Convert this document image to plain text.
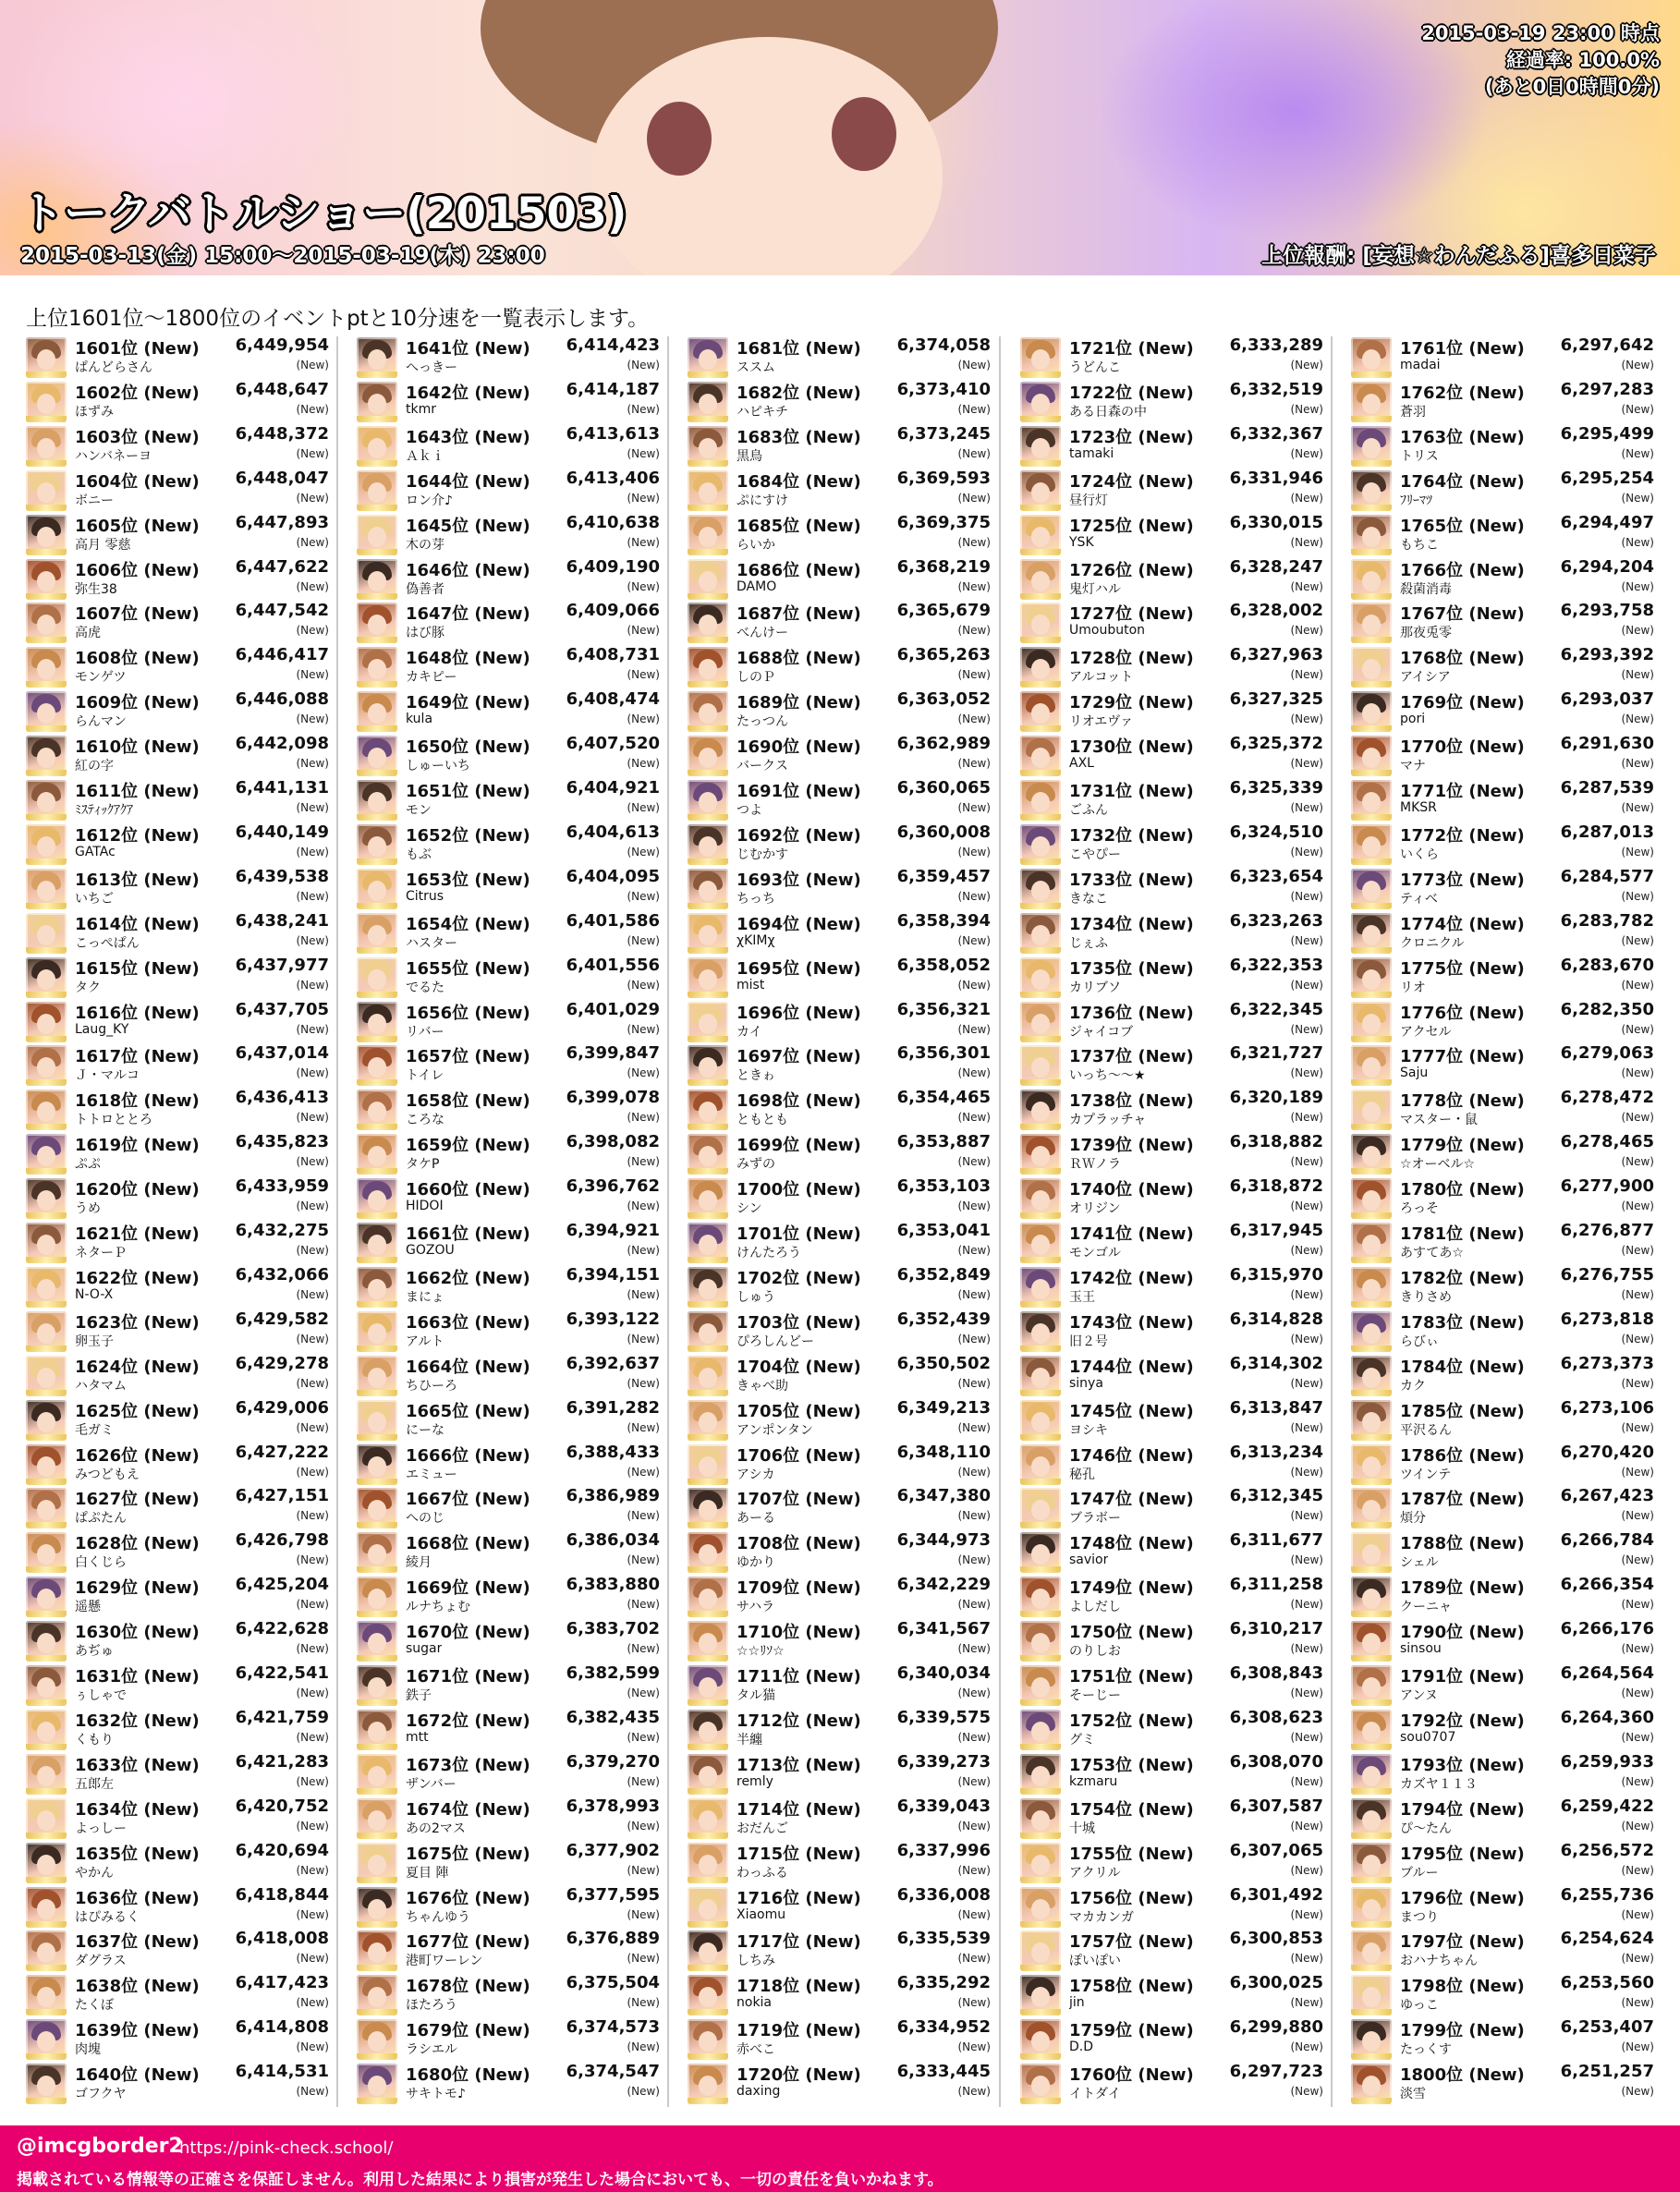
トークバトルショー(201503)
2015-03-13(金) 15:00～2015-03-19(木) 23:00	上位報酬: [妄想☆わんだふる]喜多日菜子
2015-03-19 23:00 時点
経過率: 100.0%
(あと0日0時間0分)
上位1601位～1800位のイベントptと10分速を一覧表示します。
1601位 (New) 6,449,954
ぱんどらさん	(New)
1602位 (New) 6,448,647
ほずみ	(New)
1603位 (New) 6,448,372
ハンバネーヨ	(New)
1604位 (New) 6,448,047
ボニー	(New)
1605位 (New) 6,447,893
高月 零慈	(New)
1606位 (New) 6,447,622
弥生38	(New)
1607位 (New) 6,447,542
高虎	(New)
1608位 (New) 6,446,417
モンゲツ	(New)
1609位 (New) 6,446,088
らんマン	(New)
1610位 (New) 6,442,098
紅の字	(New)
1611位 (New) 6,441,131
ﾐｽﾃｨｯｸｱｸｱ	(New)
1612位 (New) 6,440,149
GATAc	(New)
1613位 (New) 6,439,538
いちご	(New)
1614位 (New) 6,438,241
こっぺぱん	(New)
1615位 (New) 6,437,977
タク	(New)
1616位 (New) 6,437,705
Laug_KY	(New)
1617位 (New) 6,437,014
Ｊ・マルコ	(New)
1618位 (New) 6,436,413
トトロととろ	(New)
1619位 (New) 6,435,823
ぷぷ	(New)
1620位 (New) 6,433,959
うめ	(New)
1621位 (New) 6,432,275
ネターＰ	(New)
1622位 (New) 6,432,066
N-O-X	(New)
1623位 (New) 6,429,582
卵玉子	(New)
1624位 (New) 6,429,278
ハタマム	(New)
1625位 (New) 6,429,006
毛ガミ	(New)
1626位 (New) 6,427,222
みつどもえ	(New)
1627位 (New) 6,427,151
ぱぷたん	(New)
1628位 (New) 6,426,798
白くじら	(New)
1629位 (New) 6,425,204
遥懸	(New)
1630位 (New) 6,422,628
あぢゅ	(New)
1631位 (New) 6,422,541
ぅしゃで	(New)
1632位 (New) 6,421,759
くもり	(New)
1633位 (New) 6,421,283
五郎左	(New)
1634位 (New) 6,420,752
よっしー	(New)
1635位 (New) 6,420,694
やかん	(New)
1636位 (New) 6,418,844
はぴみるく	(New)
1637位 (New) 6,418,008
ダグラス	(New)
1638位 (New) 6,417,423
たくぼ	(New)
1639位 (New) 6,414,808
肉塊	(New)
1640位 (New) 6,414,531
ゴフクヤ	(New)
1641位 (New) 6,414,423
へっきー	(New)
1642位 (New) 6,414,187
tkmr	(New)
1643位 (New) 6,413,613
Ａｋｉ	(New)
1644位 (New) 6,413,406
ロン介♪	(New)
1645位 (New) 6,410,638
木の芽	(New)
1646位 (New) 6,409,190
偽善者	(New)
1647位 (New) 6,409,066
はび豚	(New)
1648位 (New) 6,408,731
カキピー	(New)
1649位 (New) 6,408,474
kula	(New)
1650位 (New) 6,407,520
しゅーいち	(New)
1651位 (New) 6,404,921
モン	(New)
1652位 (New) 6,404,613
もぶ	(New)
1653位 (New) 6,404,095
Citrus	(New)
1654位 (New) 6,401,586
ハスター	(New)
1655位 (New) 6,401,556
でるた	(New)
1656位 (New) 6,401,029
リバー	(New)
1657位 (New) 6,399,847
トイレ	(New)
1658位 (New) 6,399,078
ころな	(New)
1659位 (New) 6,398,082
タケP	(New)
1660位 (New) 6,396,762
HIDOI	(New)
1661位 (New) 6,394,921
GOZOU	(New)
1662位 (New) 6,394,151
まにょ	(New)
1663位 (New) 6,393,122
アルト	(New)
1664位 (New) 6,392,637
ちひーろ	(New)
1665位 (New) 6,391,282
にーな	(New)
1666位 (New) 6,388,433
エミュー	(New)
1667位 (New) 6,386,989
へのじ	(New)
1668位 (New) 6,386,034
綾月	(New)
1669位 (New) 6,383,880
ルナちょむ	(New)
1670位 (New) 6,383,702
sugar	(New)
1671位 (New) 6,382,599
鉄子	(New)
1672位 (New) 6,382,435
mtt	(New)
1673位 (New) 6,379,270
ザンバー	(New)
1674位 (New) 6,378,993
あの2マス	(New)
1675位 (New) 6,377,902
夏目 陣	(New)
1676位 (New) 6,377,595
ちゃんゆう	(New)
1677位 (New) 6,376,889
港町ワーレン	(New)
1678位 (New) 6,375,504
ほたろう	(New)
1679位 (New) 6,374,573
ラシエル	(New)
1680位 (New) 6,374,547
サキトモ♪	(New)
1681位 (New) 6,374,058
ススム	(New)
1682位 (New) 6,373,410
ハピキチ	(New)
1683位 (New) 6,373,245
黒鳥	(New)
1684位 (New) 6,369,593
ぷにすけ	(New)
1685位 (New) 6,369,375
らいか	(New)
1686位 (New) 6,368,219
DAMO	(New)
1687位 (New) 6,365,679
べんけー	(New)
1688位 (New) 6,365,263
しのＰ	(New)
1689位 (New) 6,363,052
たっつん	(New)
1690位 (New) 6,362,989
バークス	(New)
1691位 (New) 6,360,065
つよ	(New)
1692位 (New) 6,360,008
じむかす	(New)
1693位 (New) 6,359,457
ちっち	(New)
1694位 (New) 6,358,394
χKIMχ	(New)
1695位 (New) 6,358,052
mist	(New)
1696位 (New) 6,356,321
カイ	(New)
1697位 (New) 6,356,301
ときゎ	(New)
1698位 (New) 6,354,465
ともとも	(New)
1699位 (New) 6,353,887
みずの	(New)
1700位 (New) 6,353,103
シン	(New)
1701位 (New) 6,353,041
けんたろう	(New)
1702位 (New) 6,352,849
しゅう	(New)
1703位 (New) 6,352,439
ぴろしんどー	(New)
1704位 (New) 6,350,502
きゃべ助	(New)
1705位 (New) 6,349,213
アンポンタン	(New)
1706位 (New) 6,348,110
アシカ	(New)
1707位 (New) 6,347,380
あーる	(New)
1708位 (New) 6,344,973
ゆかり	(New)
1709位 (New) 6,342,229
サハラ	(New)
1710位 (New) 6,341,567
☆☆ﾘｿ☆	(New)
1711位 (New) 6,340,034
タル猫	(New)
1712位 (New) 6,339,575
半纏	(New)
1713位 (New) 6,339,273
remly	(New)
1714位 (New) 6,339,043
おだんご	(New)
1715位 (New) 6,337,996
わっふる	(New)
1716位 (New) 6,336,008
Xiaomu	(New)
1717位 (New) 6,335,539
しちみ	(New)
1718位 (New) 6,335,292
nokia	(New)
1719位 (New) 6,334,952
赤べこ	(New)
1720位 (New) 6,333,445
daxing	(New)
1721位 (New) 6,333,289
うどんこ	(New)
1722位 (New) 6,332,519
ある日森の中	(New)
1723位 (New) 6,332,367
tamaki	(New)
1724位 (New) 6,331,946
昼行灯	(New)
1725位 (New) 6,330,015
YSK	(New)
1726位 (New) 6,328,247
鬼灯ハル	(New)
1727位 (New) 6,328,002
Umoubuton	(New)
1728位 (New) 6,327,963
アルコット	(New)
1729位 (New) 6,327,325
リオエヴァ	(New)
1730位 (New) 6,325,372
AXL	(New)
1731位 (New) 6,325,339
ごふん	(New)
1732位 (New) 6,324,510
こやぴー	(New)
1733位 (New) 6,323,654
きなこ	(New)
1734位 (New) 6,323,263
じぇふ	(New)
1735位 (New) 6,322,353
カリブソ	(New)
1736位 (New) 6,322,345
ジャイコブ	(New)
1737位 (New) 6,321,727
いっち〜〜★	(New)
1738位 (New) 6,320,189
カプラッチャ	(New)
1739位 (New) 6,318,882
ＲＷノラ	(New)
1740位 (New) 6,318,872
オリジン	(New)
1741位 (New) 6,317,945
モンゴル	(New)
1742位 (New) 6,315,970
玉王	(New)
1743位 (New) 6,314,828
旧２号	(New)
1744位 (New) 6,314,302
sinya	(New)
1745位 (New) 6,313,847
ヨシキ	(New)
1746位 (New) 6,313,234
秘孔	(New)
1747位 (New) 6,312,345
ブラボー	(New)
1748位 (New) 6,311,677
savior	(New)
1749位 (New) 6,311,258
よしだし	(New)
1750位 (New) 6,310,217
のりしお	(New)
1751位 (New) 6,308,843
そーじー	(New)
1752位 (New) 6,308,623
グミ	(New)
1753位 (New) 6,308,070
kzmaru	(New)
1754位 (New) 6,307,587
十城	(New)
1755位 (New) 6,307,065
アクリル	(New)
1756位 (New) 6,301,492
マカカンガ	(New)
1757位 (New) 6,300,853
ぽいぽい	(New)
1758位 (New) 6,300,025
jin	(New)
1759位 (New) 6,299,880
D.D	(New)
1760位 (New) 6,297,723
イトダイ	(New)
1761位 (New) 6,297,642
madai	(New)
1762位 (New) 6,297,283
蒼羽	(New)
1763位 (New) 6,295,499
トリス	(New)
1764位 (New) 6,295,254
ﾌﾘｰﾏﾂ	(New)
1765位 (New) 6,294,497
もちこ	(New)
1766位 (New) 6,294,204
殺菌消毒	(New)
1767位 (New) 6,293,758
那夜兎零	(New)
1768位 (New) 6,293,392
アイシア	(New)
1769位 (New) 6,293,037
pori	(New)
1770位 (New) 6,291,630
マナ	(New)
1771位 (New) 6,287,539
MKSR	(New)
1772位 (New) 6,287,013
いくら	(New)
1773位 (New) 6,284,577
ティベ	(New)
1774位 (New) 6,283,782
クロニクル	(New)
1775位 (New) 6,283,670
リオ	(New)
1776位 (New) 6,282,350
アクセル	(New)
1777位 (New) 6,279,063
Saju	(New)
1778位 (New) 6,278,472
マスター・鼠	(New)
1779位 (New) 6,278,465
☆オーベル☆	(New)
1780位 (New) 6,277,900
ろっそ	(New)
1781位 (New) 6,276,877
あすてあ☆	(New)
1782位 (New) 6,276,755
きりさめ	(New)
1783位 (New) 6,273,818
らびぃ	(New)
1784位 (New) 6,273,373
カク	(New)
1785位 (New) 6,273,106
平沢るん	(New)
1786位 (New) 6,270,420
ツインテ	(New)
1787位 (New) 6,267,423
煩分	(New)
1788位 (New) 6,266,784
シェル	(New)
1789位 (New) 6,266,354
クーニャ	(New)
1790位 (New) 6,266,176
sinsou	(New)
1791位 (New) 6,264,564
アンヌ	(New)
1792位 (New) 6,264,360
sou0707	(New)
1793位 (New) 6,259,933
カズヤ１１３	(New)
1794位 (New) 6,259,422
ぴ〜たん	(New)
1795位 (New) 6,256,572
ブルー	(New)
1796位 (New) 6,255,736
まつり	(New)
1797位 (New) 6,254,624
おハナちゃん	(New)
1798位 (New) 6,253,560
ゆっこ	(New)
1799位 (New) 6,253,407
たっくす	(New)
1800位 (New) 6,251,257
淡雪	(New)
@imcgborder2
https://pink-check.school/
掲載されている情報等の正確さを保証しません。利用した結果により損害が発生した場合においても、一切の責任を負いかねます。
